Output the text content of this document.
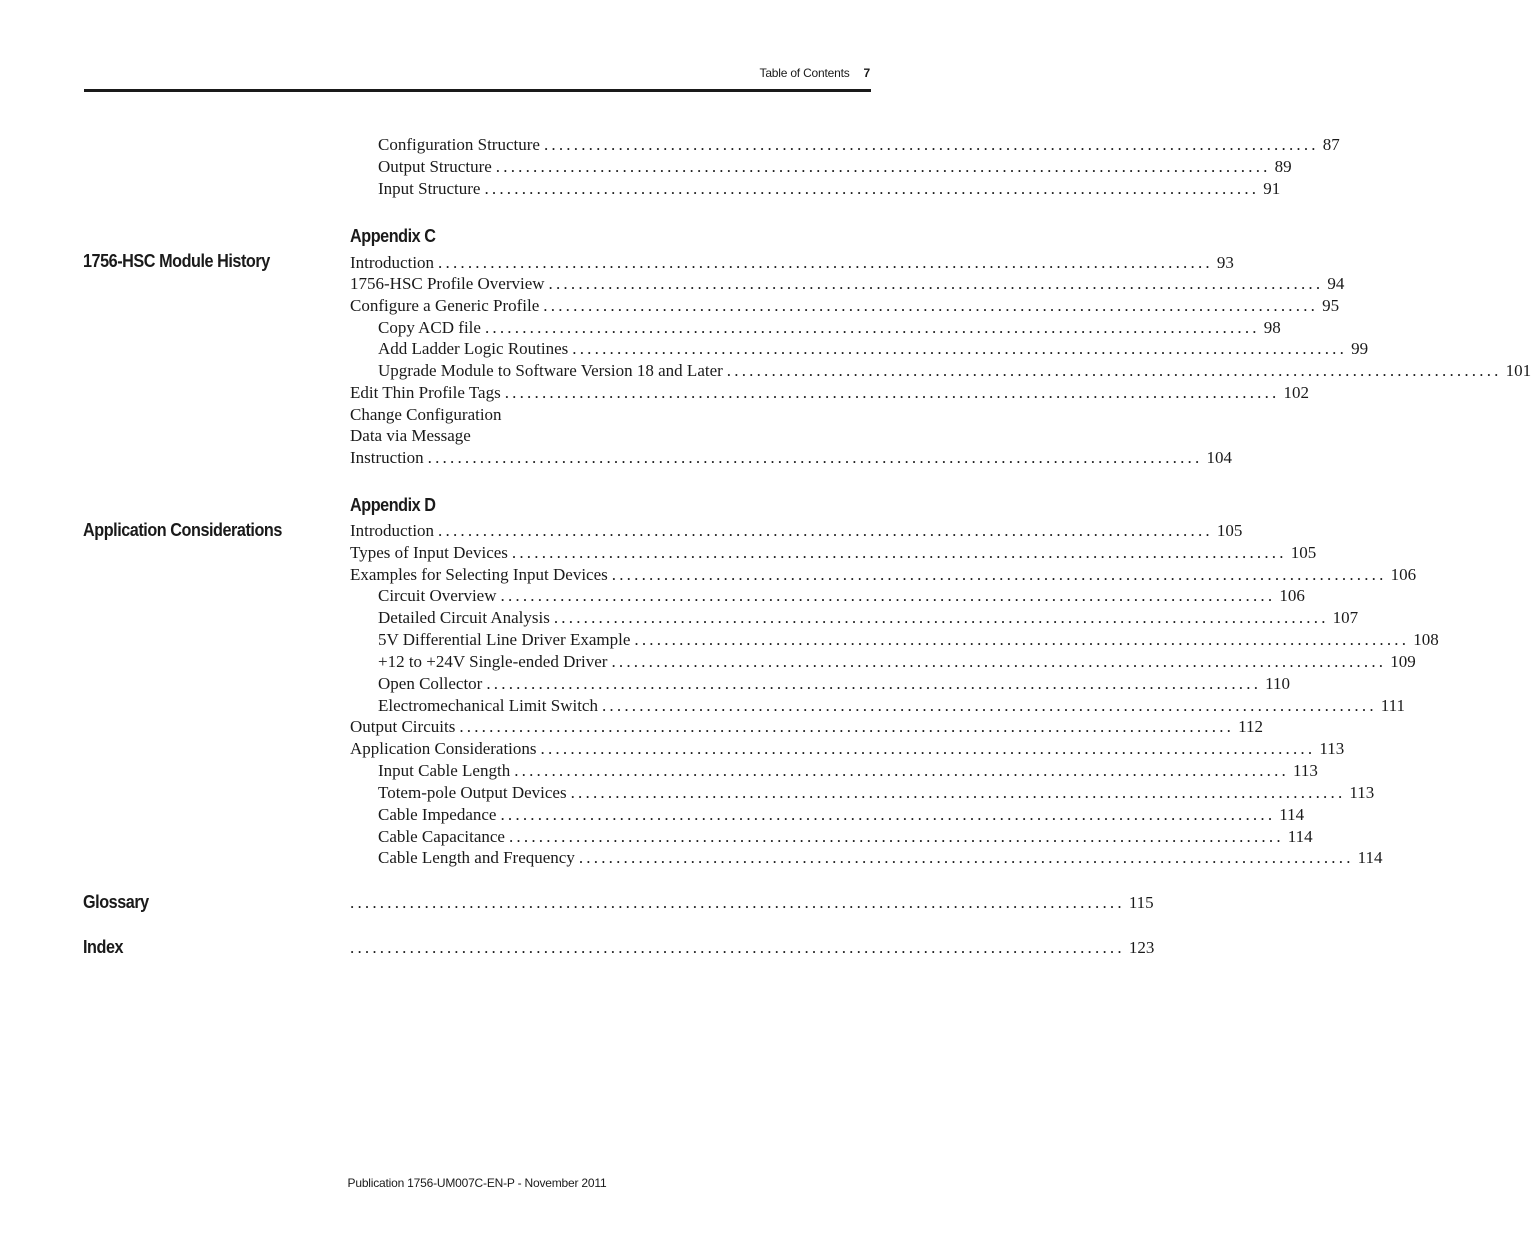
Table of Contents 7
Configuration Structure ........................................................................................................ 87
Output Structure ........................................................................................................ 89
Input Structure ........................................................................................................ 91
Appendix C
1756-HSC Module History	Introduction ........................................................................................................ 93
1756-HSC Profile Overview ........................................................................................................ 94
Configure a Generic Profile ........................................................................................................ 95
Copy ACD file ........................................................................................................ 98
Add Ladder Logic Routines ........................................................................................................ 99
Upgrade Module to Software Version 18 and Later ........................................................................................................ 101
Edit Thin Profile Tags ........................................................................................................ 102
Change Configuration
Data via Message
Instruction ........................................................................................................ 104
Appendix D
Application Considerations	Introduction ........................................................................................................ 105
Types of Input Devices ........................................................................................................ 105
Examples for Selecting Input Devices ........................................................................................................ 106
Circuit Overview ........................................................................................................ 106
Detailed Circuit Analysis ........................................................................................................ 107
5V Differential Line Driver Example ........................................................................................................ 108
+12 to +24V Single-ended Driver ........................................................................................................ 109
Open Collector ........................................................................................................ 110
Electromechanical Limit Switch ........................................................................................................ 111
Output Circuits ........................................................................................................ 112
Application Considerations ........................................................................................................ 113
Input Cable Length ........................................................................................................ 113
Totem-pole Output Devices ........................................................................................................ 113
Cable Impedance ........................................................................................................ 114
Cable Capacitance ........................................................................................................ 114
Cable Length and Frequency ........................................................................................................ 114
Glossary	........................................................................................................ 115
Index	........................................................................................................ 123
Publication 1756-UM007C-EN-P - November 2011
